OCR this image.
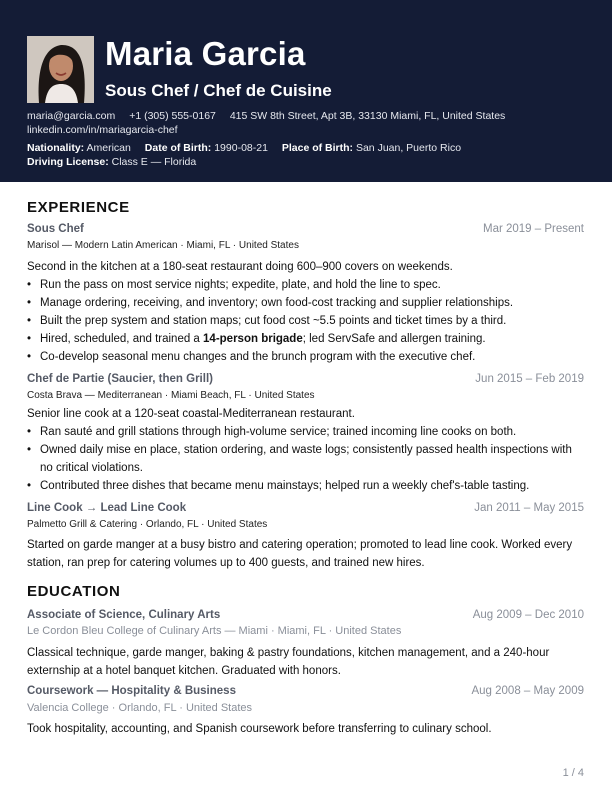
Maria Garcia
Sous Chef / Chef de Cuisine
maria@garcia.com +1 (305) 555-0167 415 SW 8th Street, Apt 3B, 33130 Miami, FL, United States
linkedin.com/in/mariagarcia-chef
Nationality: American Date of Birth: 1990-08-21 Place of Birth: San Juan, Puerto Rico
Driving License: Class E — Florida
EXPERIENCE
Sous Chef	Mar 2019 – Present
Marisol — Modern Latin American · Miami, FL · United States
Second in the kitchen at a 180-seat restaurant doing 600–900 covers on weekends.
• Run the pass on most service nights; expedite, plate, and hold the line to spec.
• Manage ordering, receiving, and inventory; own food-cost tracking and supplier relationships.
• Built the prep system and station maps; cut food cost ~5.5 points and ticket times by a third.
• Hired, scheduled, and trained a 14-person brigade; led ServSafe and allergen training.
• Co-develop seasonal menu changes and the brunch program with the executive chef.
Chef de Partie (Saucier, then Grill)	Jun 2015 – Feb 2019
Costa Brava — Mediterranean · Miami Beach, FL · United States
Senior line cook at a 120-seat coastal-Mediterranean restaurant.
• Ran sauté and grill stations through high-volume service; trained incoming line cooks on both.
• Owned daily mise en place, station ordering, and waste logs; consistently passed health inspections with no critical violations.
• Contributed three dishes that became menu mainstays; helped run a weekly chef's-table tasting.
Line Cook → Lead Line Cook	Jan 2011 – May 2015
Palmetto Grill & Catering · Orlando, FL · United States
Started on garde manger at a busy bistro and catering operation; promoted to lead line cook. Worked every station, ran prep for catering volumes up to 400 guests, and trained new hires.
EDUCATION
Associate of Science, Culinary Arts	Aug 2009 – Dec 2010
Le Cordon Bleu College of Culinary Arts — Miami · Miami, FL · United States
Classical technique, garde manger, baking & pastry foundations, kitchen management, and a 240-hour externship at a hotel banquet kitchen. Graduated with honors.
Coursework — Hospitality & Business	Aug 2008 – May 2009
Valencia College · Orlando, FL · United States
Took hospitality, accounting, and Spanish coursework before transferring to culinary school.
1 / 4
